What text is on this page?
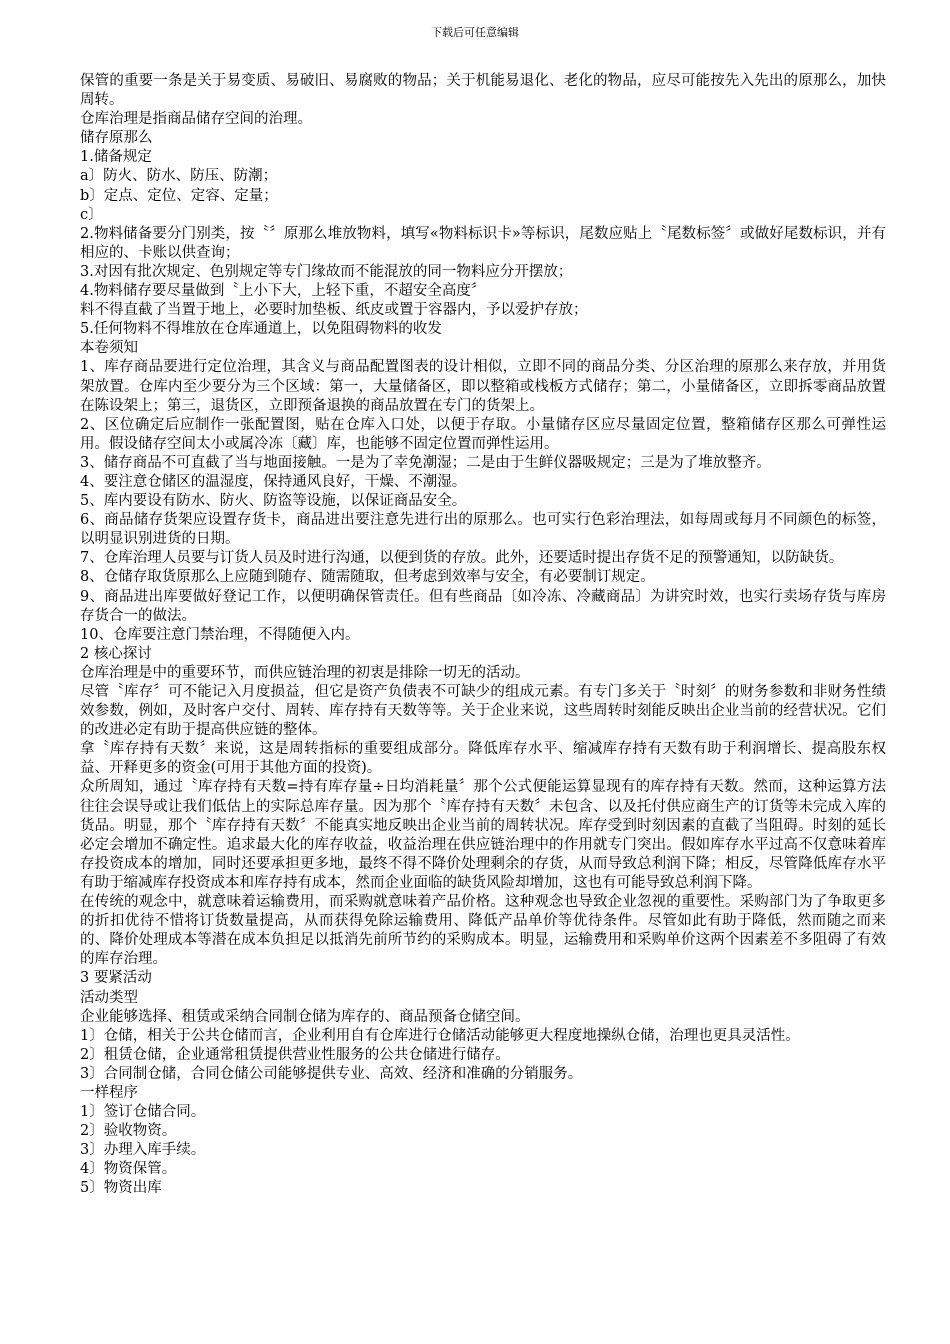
下载后可任意编辑

保管的重要一条是关于易变质、易破旧、易腐败的物品；关于机能易退化、老化的物品，应尽可能按先入先出的原那么，加快周转。

仓库治理是指商品储存空间的治理。

储存原那么

1.储备规定

a〕防火、防水、防压、防潮；

b〕定点、定位、定容、定量；

c〕

2.物料储备要分门别类，按〝〞原那么堆放物料，填写«物料标识卡»等标识，尾数应贴上〝尾数标签〞或做好尾数标识，并有相应的、卡账以供查询；

3.对因有批次规定、色别规定等专门缘故而不能混放的同一物料应分开摆放；

4.物料储存要尽量做到〝上小下大，上轻下重，不超安全高度〞

料不得直截了当置于地上，必要时加垫板、纸皮或置于容器内，予以爱护存放；

5.任何物料不得堆放在仓库通道上，以免阻碍物料的收发

本卷须知

1、库存商品要进行定位治理，其含义与商品配置图表的设计相似，立即不同的商品分类、分区治理的原那么来存放，并用货架放置。仓库内至少要分为三个区域：第一，大量储备区，即以整箱或栈板方式储存；第二，小量储备区，立即拆零商品放置在陈设架上；第三，退货区，立即预备退换的商品放置在专门的货架上。

2、区位确定后应制作一张配置图，贴在仓库入口处，以便于存取。小量储存区应尽量固定位置，整箱储存区那么可弹性运用。假设储存空间太小或属冷冻〔藏〕库，也能够不固定位置而弹性运用。

3、储存商品不可直截了当与地面接触。一是为了幸免潮湿；二是由于生鲜仪器吸规定；三是为了堆放整齐。

4、要注意仓储区的温湿度，保持通风良好，干燥、不潮湿。

5、库内要设有防水、防火、防盗等设施，以保证商品安全。

6、商品储存货架应设置存货卡，商品进出要注意先进行出的原那么。也可实行色彩治理法，如每周或每月不同颜色的标签，以明显识别进货的日期。

7、仓库治理人员要与订货人员及时进行沟通，以便到货的存放。此外，还要适时提出存货不足的预警通知，以防缺货。

8、仓储存取货原那么上应随到随存、随需随取，但考虑到效率与安全，有必要制订规定。

9、商品进出库要做好登记工作，以便明确保管责任。但有些商品〔如冷冻、冷藏商品〕为讲究时效，也实行卖场存货与库房存货合一的做法。

10、仓库要注意门禁治理，不得随便入内。

2 核心探讨

仓库治理是中的重要环节，而供应链治理的初衷是排除一切无的活动。

尽管〝库存〞可不能记入月度损益，但它是资产负债表不可缺少的组成元素。有专门多关于〝时刻〞的财务参数和非财务性绩效参数，例如，及时客户交付、周转、库存持有天数等等。关于企业来说，这些周转时刻能反映出企业当前的经营状况。它们的改进必定有助于提高供应链的整体。

拿〝库存持有天数〞来说，这是周转指标的重要组成部分。降低库存水平、缩减库存持有天数有助于利润增长、提高股东权益、开释更多的资金(可用于其他方面的投资)。

众所周知，通过〝库存持有天数=持有库存量÷日均消耗量〞那个公式便能运算显现有的库存持有天数。然而，这种运算方法往往会误导或让我们低估上的实际总库存量。因为那个〝库存持有天数〞未包含、以及托付供应商生产的订货等未完成入库的货品。明显，那个〝库存持有天数〞不能真实地反映出企业当前的周转状况。库存受到时刻因素的直截了当阻碍。时刻的延长必定会增加不确定性。追求最大化的库存收益，收益治理在供应链治理中的作用就专门突出。假如库存水平过高不仅意味着库存投资成本的增加，同时还要承担更多地，最终不得不降价处理剩余的存货，从而导致总利润下降；相反，尽管降低库存水平有助于缩减库存投资成本和库存持有成本，然而企业面临的缺货风险却增加，这也有可能导致总利润下降。

在传统的观念中，就意味着运输费用，而采购就意味着产品价格。这种观念也导致企业忽视的重要性。采购部门为了争取更多的折扣优待不惜将订货数量提高，从而获得免除运输费用、降低产品单价等优待条件。尽管如此有助于降低，然而随之而来的、降价处理成本等潜在成本负担足以抵消先前所节约的采购成本。明显，运输费用和采购单价这两个因素差不多阻碍了有效的库存治理。

3 要紧活动

活动类型

企业能够选择、租赁或采纳合同制仓储为库存的、商品预备仓储空间。

1〕仓储，相关于公共仓储而言，企业利用自有仓库进行仓储活动能够更大程度地操纵仓储，治理也更具灵活性。

2〕租赁仓储，企业通常租赁提供营业性服务的公共仓储进行储存。

3〕合同制仓储，合同仓储公司能够提供专业、高效、经济和准确的分销服务。

一样程序

1〕签订仓储合同。

2〕验收物资。

3〕办理入库手续。

4〕物资保管。

5〕物资出库
